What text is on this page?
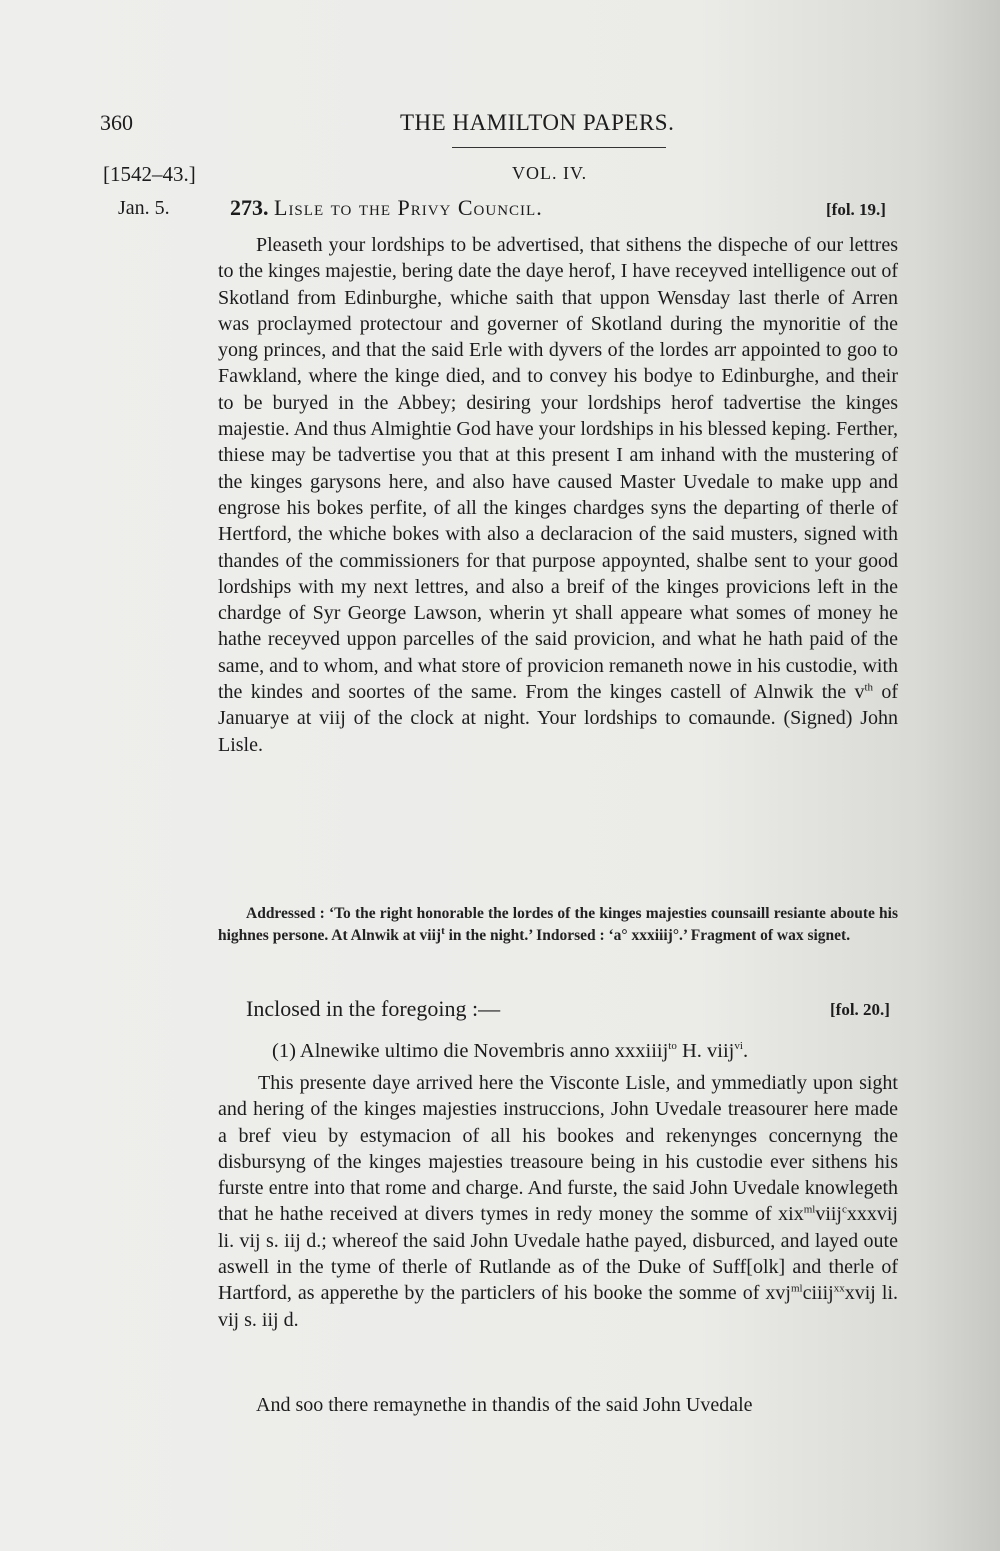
360	THE HAMILTON PAPERS.
[1542–43.]	VOL. IV.
Jan. 5.	273. Lisle to the Privy Council.	[fol. 19.]

Pleaseth your lordships to be advertised, that sithens the dispeche of our lettres to the kinges majestie, bering date the daye herof, I have receyved intelligence out of Skotland from Edinburghe, whiche saith that uppon Wensday last therle of Arren was proclaymed protectour and governer of Skotland during the mynoritie of the yong princes, and that the said Erle with dyvers of the lordes arr appointed to goo to Fawkland, where the kinge died, and to convey his bodye to Edinburghe, and their to be buryed in the Abbey; desiring your lordships herof tadvertise the kinges majestie. And thus Almightie God have your lordships in his blessed keping. Ferther, thiese may be tadvertise you that at this present I am inhand with the mustering of the kinges garysons here, and also have caused Master Uvedale to make upp and engrose his bokes perfite, of all the kinges chardges syns the departing of therle of Hertford, the whiche bokes with also a declaracion of the said musters, signed with thandes of the commissioners for that purpose appoynted, shalbe sent to your good lordships with my next lettres, and also a breif of the kinges provicions left in the chardge of Syr George Lawson, wherin yt shall appeare what somes of money he hathe receyved uppon parcelles of the said provicion, and what he hath paid of the same, and to whom, and what store of provicion remaneth nowe in his custodie, with the kindes and soortes of the same. From the kinges castell of Alnwik the $v^{th}$ of Januarye at viij of the clock at night. Your lordships to comaunde. (Signed) John Lisle.

Addressed : ‘To the right honorable the lordes of the kinges majesties counsaill resiante aboute his highnes persone. At Alnwik at viij$^t$ in the night.’ Indorsed : ‘a° xxxiiij°.’ Fragment of wax signet.
Inclosed in the foregoing :—	[fol. 20.]
(1) Alnewike ultimo die Novembris anno xxxiiij$^{to}$ H. viij$^{vi}$.

This presente daye arrived here the Visconte Lisle, and ymmediatly upon sight and hering of the kinges majesties instruccions, John Uvedale treasourer here made a bref vieu by estymacion of all his bookes and rekenynges concernyng the disbursyng of the kinges majesties treasoure being in his custodie ever sithens his furste entre into that rome and charge. And furste, the said John Uvedale knowlegeth that he hathe received at divers tymes in redy money the somme of xix$^{ml}$viij$^c$xxxvij li. vij s. iij d.; whereof the said John Uvedale hathe payed, disburced, and layed oute aswell in the tyme of therle of Rutlande as of the Duke of Suff[olk] and therle of Hartford, as apperethe by the particlers of his booke the somme of xvj$^{ml}$ciiij$^{xx}$xvij li. vij s. iij d.

And soo there remaynethe in thandis of the said John Uvedale
